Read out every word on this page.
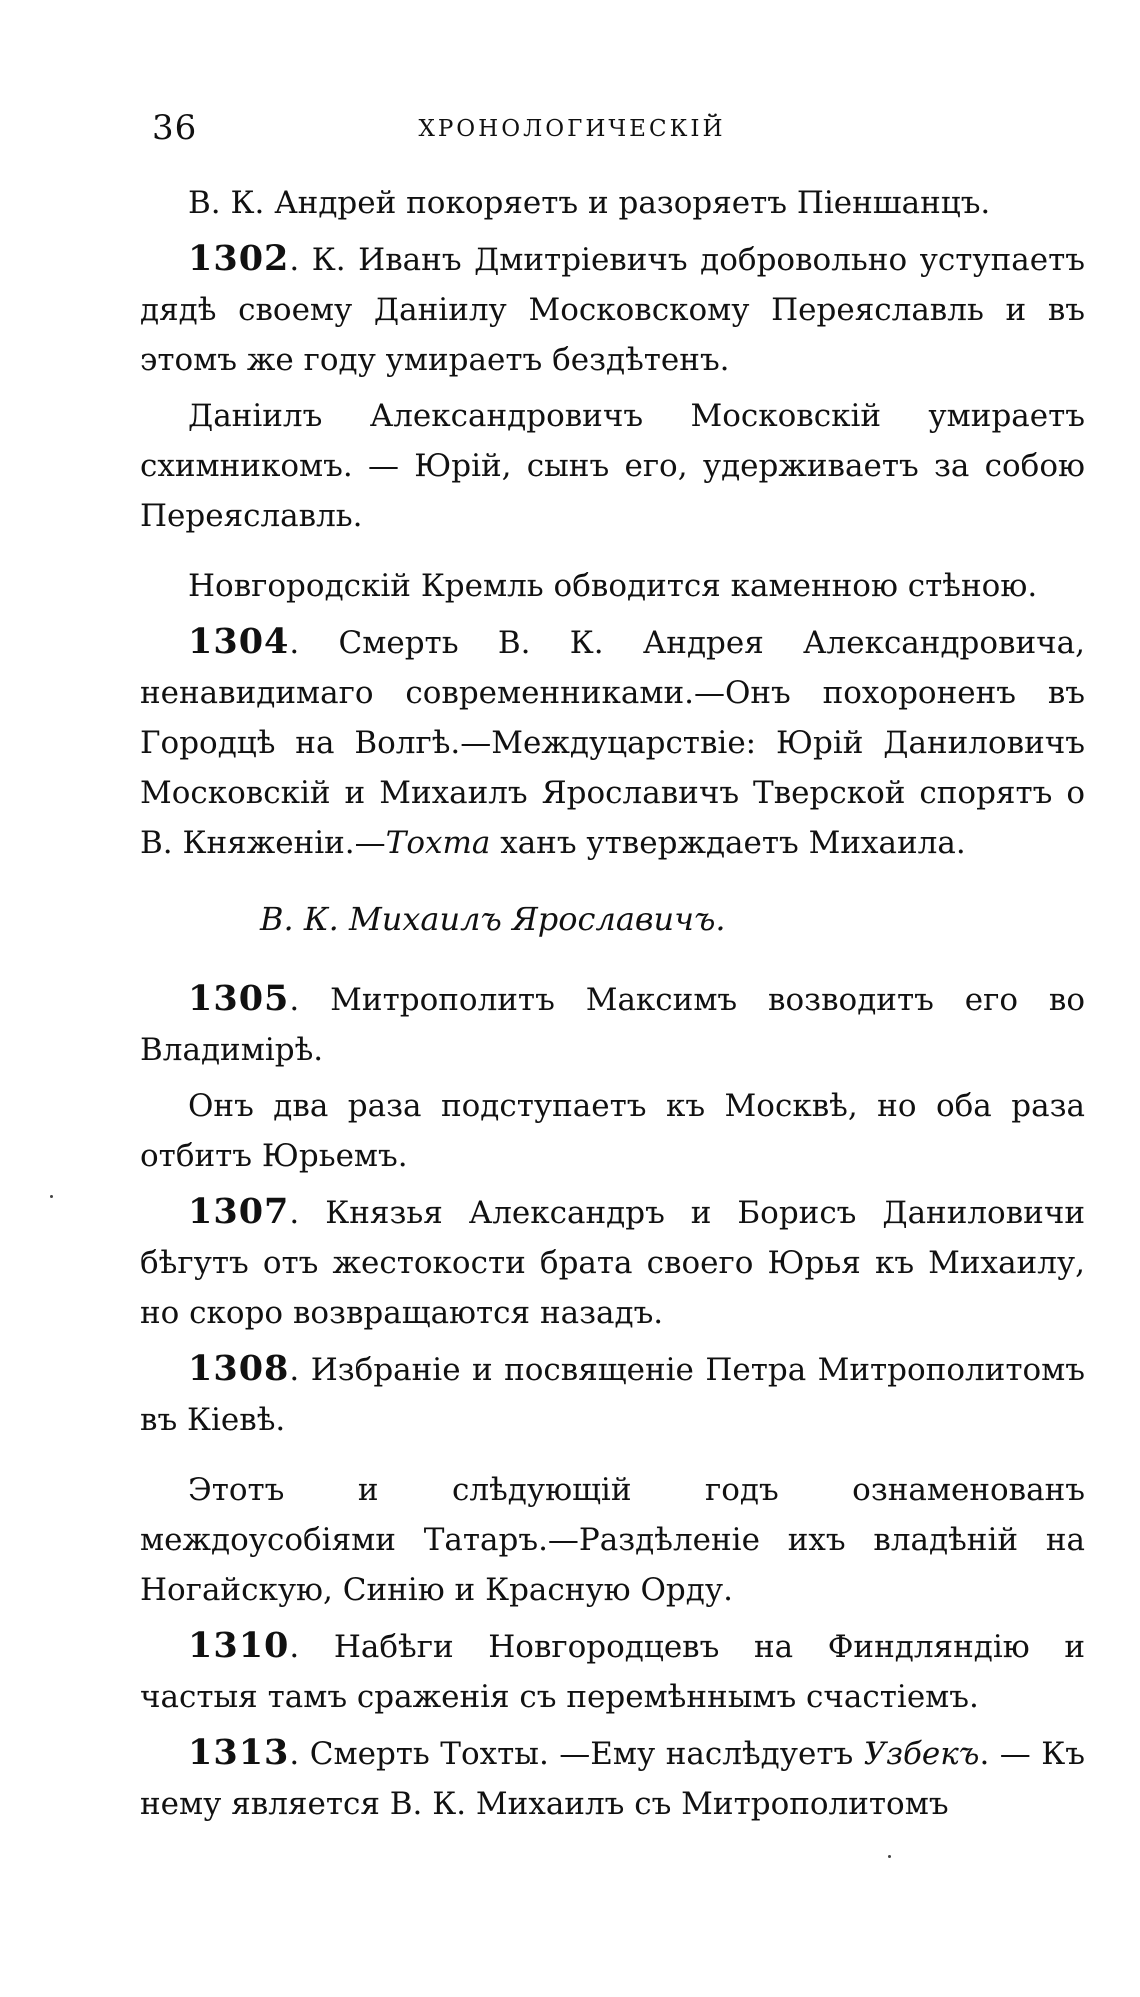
36	ХРОНОЛОГИЧЕСКІЙ

В. К. Андрей покоряетъ и разоряетъ Піеншанцъ.

1302. К. Иванъ Дмитріевичъ добровольно уступаетъ дядѣ своему Даніилу Московскому Переяславль и въ этомъ же году умираетъ бездѣтенъ.

Даніилъ Александровичъ Московскій умираетъ схимникомъ. — Юрій, сынъ его, удерживаетъ за собою Переяславль.

Новгородскій Кремль обводится каменною стѣною.

1304. Смерть В. К. Андрея Александровича, ненавидимаго современниками.—Онъ похороненъ въ Городцѣ на Волгѣ.—Междуцарствіе: Юрій Даниловичъ Московскій и Михаилъ Ярославичъ Тверской спорятъ о В. Княженіи.—Тохта ханъ утверждаетъ Михаила.

В. К. Михаилъ Ярославичъ.

1305. Митрополитъ Максимъ возводитъ его во Владимірѣ.

Онъ два раза подступаетъ къ Москвѣ, но оба раза отбитъ Юрьемъ.

1307. Князья Александръ и Борисъ Даниловичи бѣгутъ отъ жестокости брата своего Юрья къ Михаилу, но скоро возвращаются назадъ.

1308. Избраніе и посвященіе Петра Митрополитомъ въ Кіевѣ.

Этотъ и слѣдующій годъ ознаменованъ междоусобіями Татаръ.—Раздѣленіе ихъ владѣній на Ногайскую, Синію и Красную Орду.

1310. Набѣги Новгородцевъ на Финдляндію и частыя тамъ сраженія съ перемѣннымъ счастіемъ.

1313. Смерть Тохты. —Ему наслѣдуетъ Узбекъ. — Къ нему является В. К. Михаилъ съ Митрополитомъ
